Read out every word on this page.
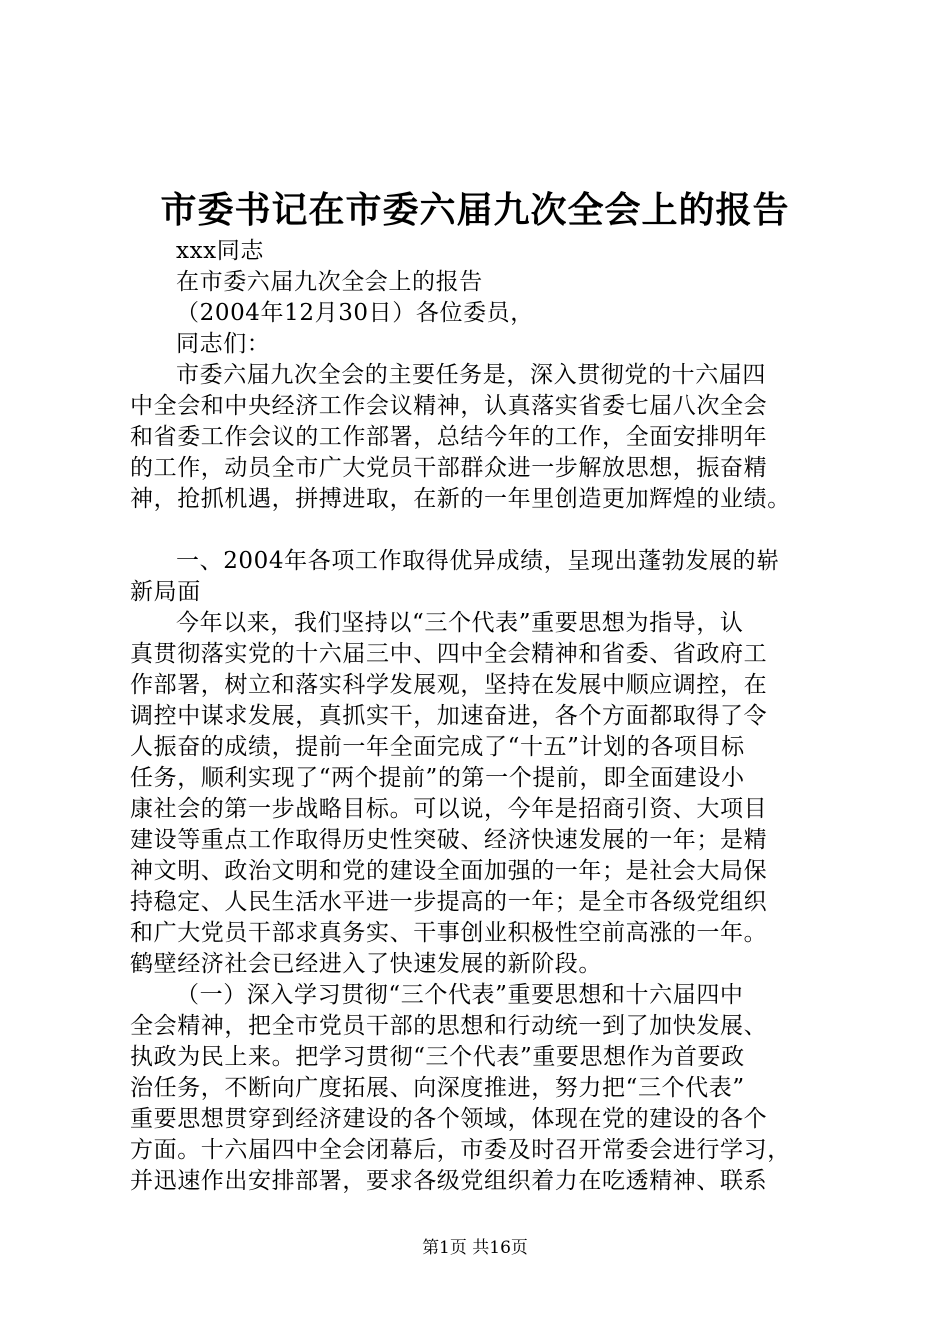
市委书记在市委六届九次全会上的报告

xxx同志

在市委六届九次全会上的报告

（2004年12月30日）各位委员，

同志们：

市委六届九次全会的主要任务是，深入贯彻党的十六届四

中全会和中央经济工作会议精神，认真落实省委七届八次全会

和省委工作会议的工作部署，总结今年的工作，全面安排明年

的工作，动员全市广大党员干部群众进一步解放思想，振奋精

神，抢抓机遇，拼搏进取，在新的一年里创造更加辉煌的业绩。

一、2004年各项工作取得优异成绩，呈现出蓬勃发展的崭

新局面

今年以来，我们坚持以“三个代表”重要思想为指导，认

真贯彻落实党的十六届三中、四中全会精神和省委、省政府工

作部署，树立和落实科学发展观，坚持在发展中顺应调控，在

调控中谋求发展，真抓实干，加速奋进，各个方面都取得了令

人振奋的成绩，提前一年全面完成了“十五”计划的各项目标

任务，顺利实现了“两个提前”的第一个提前，即全面建设小

康社会的第一步战略目标。可以说，今年是招商引资、大项目

建设等重点工作取得历史性突破、经济快速发展的一年；是精

神文明、政治文明和党的建设全面加强的一年；是社会大局保

持稳定、人民生活水平进一步提高的一年；是全市各级党组织

和广大党员干部求真务实、干事创业积极性空前高涨的一年。

鹤壁经济社会已经进入了快速发展的新阶段。

（一）深入学习贯彻“三个代表”重要思想和十六届四中

全会精神，把全市党员干部的思想和行动统一到了加快发展、

执政为民上来。把学习贯彻“三个代表”重要思想作为首要政

治任务，不断向广度拓展、向深度推进，努力把“三个代表”

重要思想贯穿到经济建设的各个领域，体现在党的建设的各个

方面。十六届四中全会闭幕后，市委及时召开常委会进行学习，

并迅速作出安排部署，要求各级党组织着力在吃透精神、联系

第1页 共16页
